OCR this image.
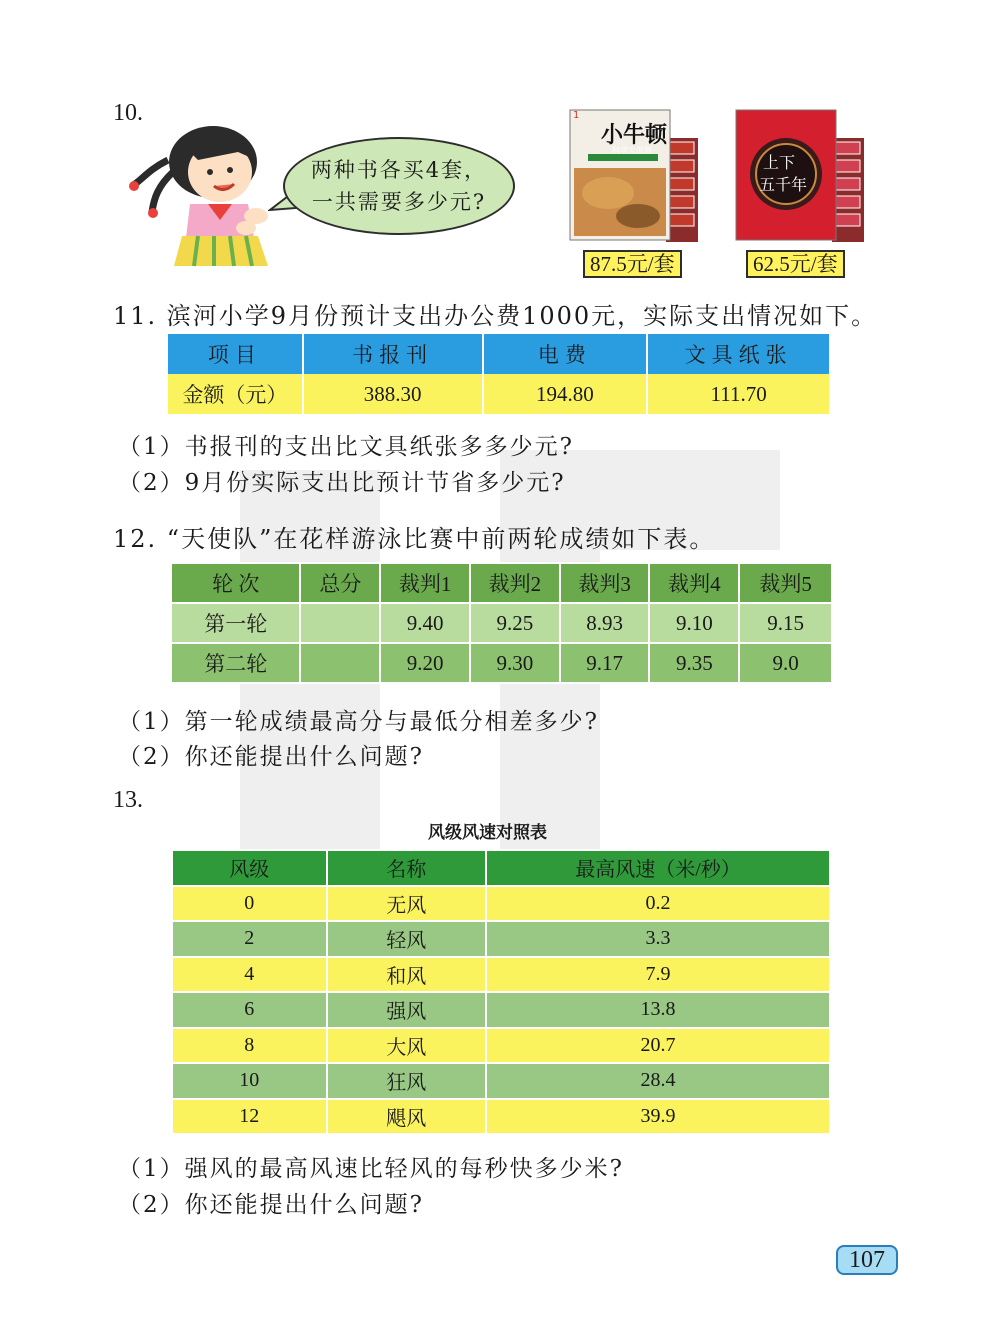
10.
两种书各买4套，
一共需要多少元?
小牛顿
科学大世界
1
87.5元/套
上下
五千年
62.5元/套
11. 滨河小学9月份预计支出办公费1000元，实际支出情况如下。
项目	书报刊	电费	文具纸张
金额（元）	388.30	194.80	111.70
（1）书报刊的支出比文具纸张多多少元?
（2）9月份实际支出比预计节省多少元?
12. “天使队”在花样游泳比赛中前两轮成绩如下表。
轮 次	总分	裁判1	裁判2	裁判3	裁判4	裁判5
第一轮		9.40	9.25	8.93	9.10	9.15
第二轮		9.20	9.30	9.17	9.35	9.0
（1）第一轮成绩最高分与最低分相差多少?
（2）你还能提出什么问题?
13.
风级风速对照表
风级	名称	最高风速（米/秒）
0	无风	0.2
2	轻风	3.3
4	和风	7.9
6	强风	13.8
8	大风	20.7
10	狂风	28.4
12	飓风	39.9
（1）强风的最高风速比轻风的每秒快多少米?
（2）你还能提出什么问题?
107
